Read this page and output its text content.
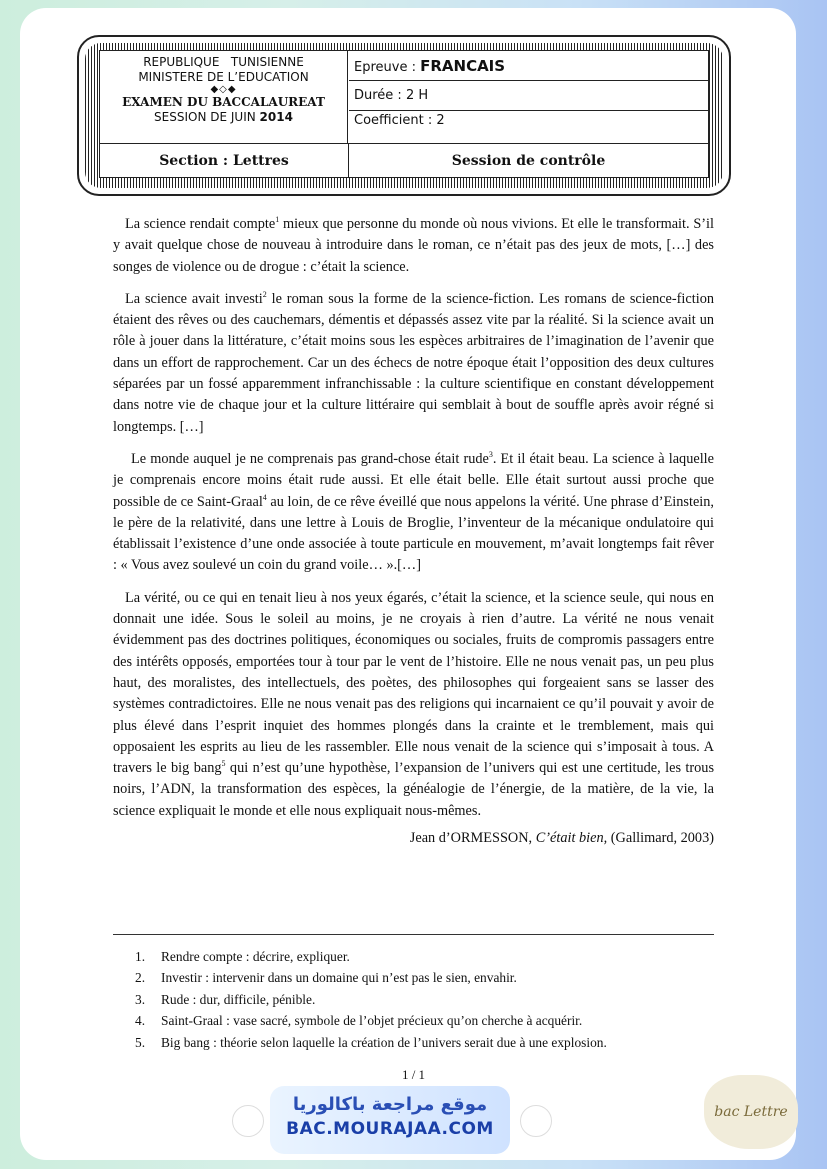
REPUBLIQUE   TUNISIENNE
MINISTERE DE L’EDUCATION
◆◇◆
EXAMEN DU BACCALAUREAT
SESSION DE JUIN 2014
Epreuve : FRANCAIS
Durée : 2 H
Coefficient : 2
Section : Lettres	Session de contrôle

La science rendait compte$^1$ mieux que personne du monde où nous vivions. Et elle le transformait. S’il y avait quelque chose de nouveau à introduire dans le roman, ce n’était pas des jeux de mots, […] des songes de violence ou de drogue : c’était la science.

La science avait investi$^2$ le roman sous la forme de la science-fiction. Les romans de science-fiction étaient des rêves ou des cauchemars, démentis et dépassés assez vite par la réalité. Si la science avait un rôle à jouer dans la littérature, c’était moins sous les espèces arbitraires de l’imagination de l’avenir que dans un effort de rapprochement. Car un des échecs de notre époque était l’opposition des deux cultures séparées par un fossé apparemment infranchissable : la culture scientifique en constant développement dans notre vie de chaque jour et la culture littéraire qui semblait à bout de souffle après avoir régné si longtemps. […]

Le monde auquel je ne comprenais pas grand-chose était rude$^3$. Et il était beau. La science à laquelle je comprenais encore moins était rude aussi. Et elle était belle. Elle était surtout aussi proche que possible de ce Saint-Graal$^4$ au loin, de ce rêve éveillé que nous appelons la vérité. Une phrase d’Einstein, le père de la relativité, dans une lettre à Louis de Broglie, l’inventeur de la mécanique ondulatoire qui établissait l’existence d’une onde associée à toute particule en mouvement, m’avait longtemps fait rêver : « Vous avez soulevé un coin du grand voile… ».[…]

La vérité, ou ce qui en tenait lieu à nos yeux égarés, c’était la science, et la science seule, qui nous en donnait une idée. Sous le soleil au moins, je ne croyais à rien d’autre. La vérité ne nous venait évidemment pas des doctrines politiques, économiques ou sociales, fruits de compromis passagers entre des intérêts opposés, emportées tour à tour par le vent de l’histoire. Elle ne nous venait pas, un peu plus haut, des moralistes, des intellectuels, des poètes, des philosophes qui forgeaient sans se lasser des systèmes contradictoires. Elle ne nous venait pas des religions qui incarnaient ce qu’il pouvait y avoir de plus élevé dans l’esprit inquiet des hommes plongés dans la crainte et le tremblement, mais qui opposaient les esprits au lieu de les rassembler. Elle nous venait de la science qui s’imposait à tous. A travers le big bang$^5$ qui n’est qu’une hypothèse, l’expansion de l’univers qui est une certitude, les trous noirs, l’ADN, la transformation des espèces, la généalogie de l’énergie, de la matière, de la vie, la science expliquait le monde et elle nous expliquait nous-mêmes.

Jean d’ORMESSON, C’était bien, (Gallimard, 2003)
1. Rendre compte : décrire, expliquer.
2. Investir : intervenir dans un domaine qui n’est pas le sien, envahir.
3. Rude : dur, difficile, pénible.
4. Saint-Graal : vase sacré, symbole de l’objet précieux qu’on cherche à acquérir.
5. Big bang : théorie selon laquelle la création de l’univers serait due à une explosion.
1 / 1
موقع مراجعة باكالوريا
BAC.MOURAJAA.COM
bac Lettre
